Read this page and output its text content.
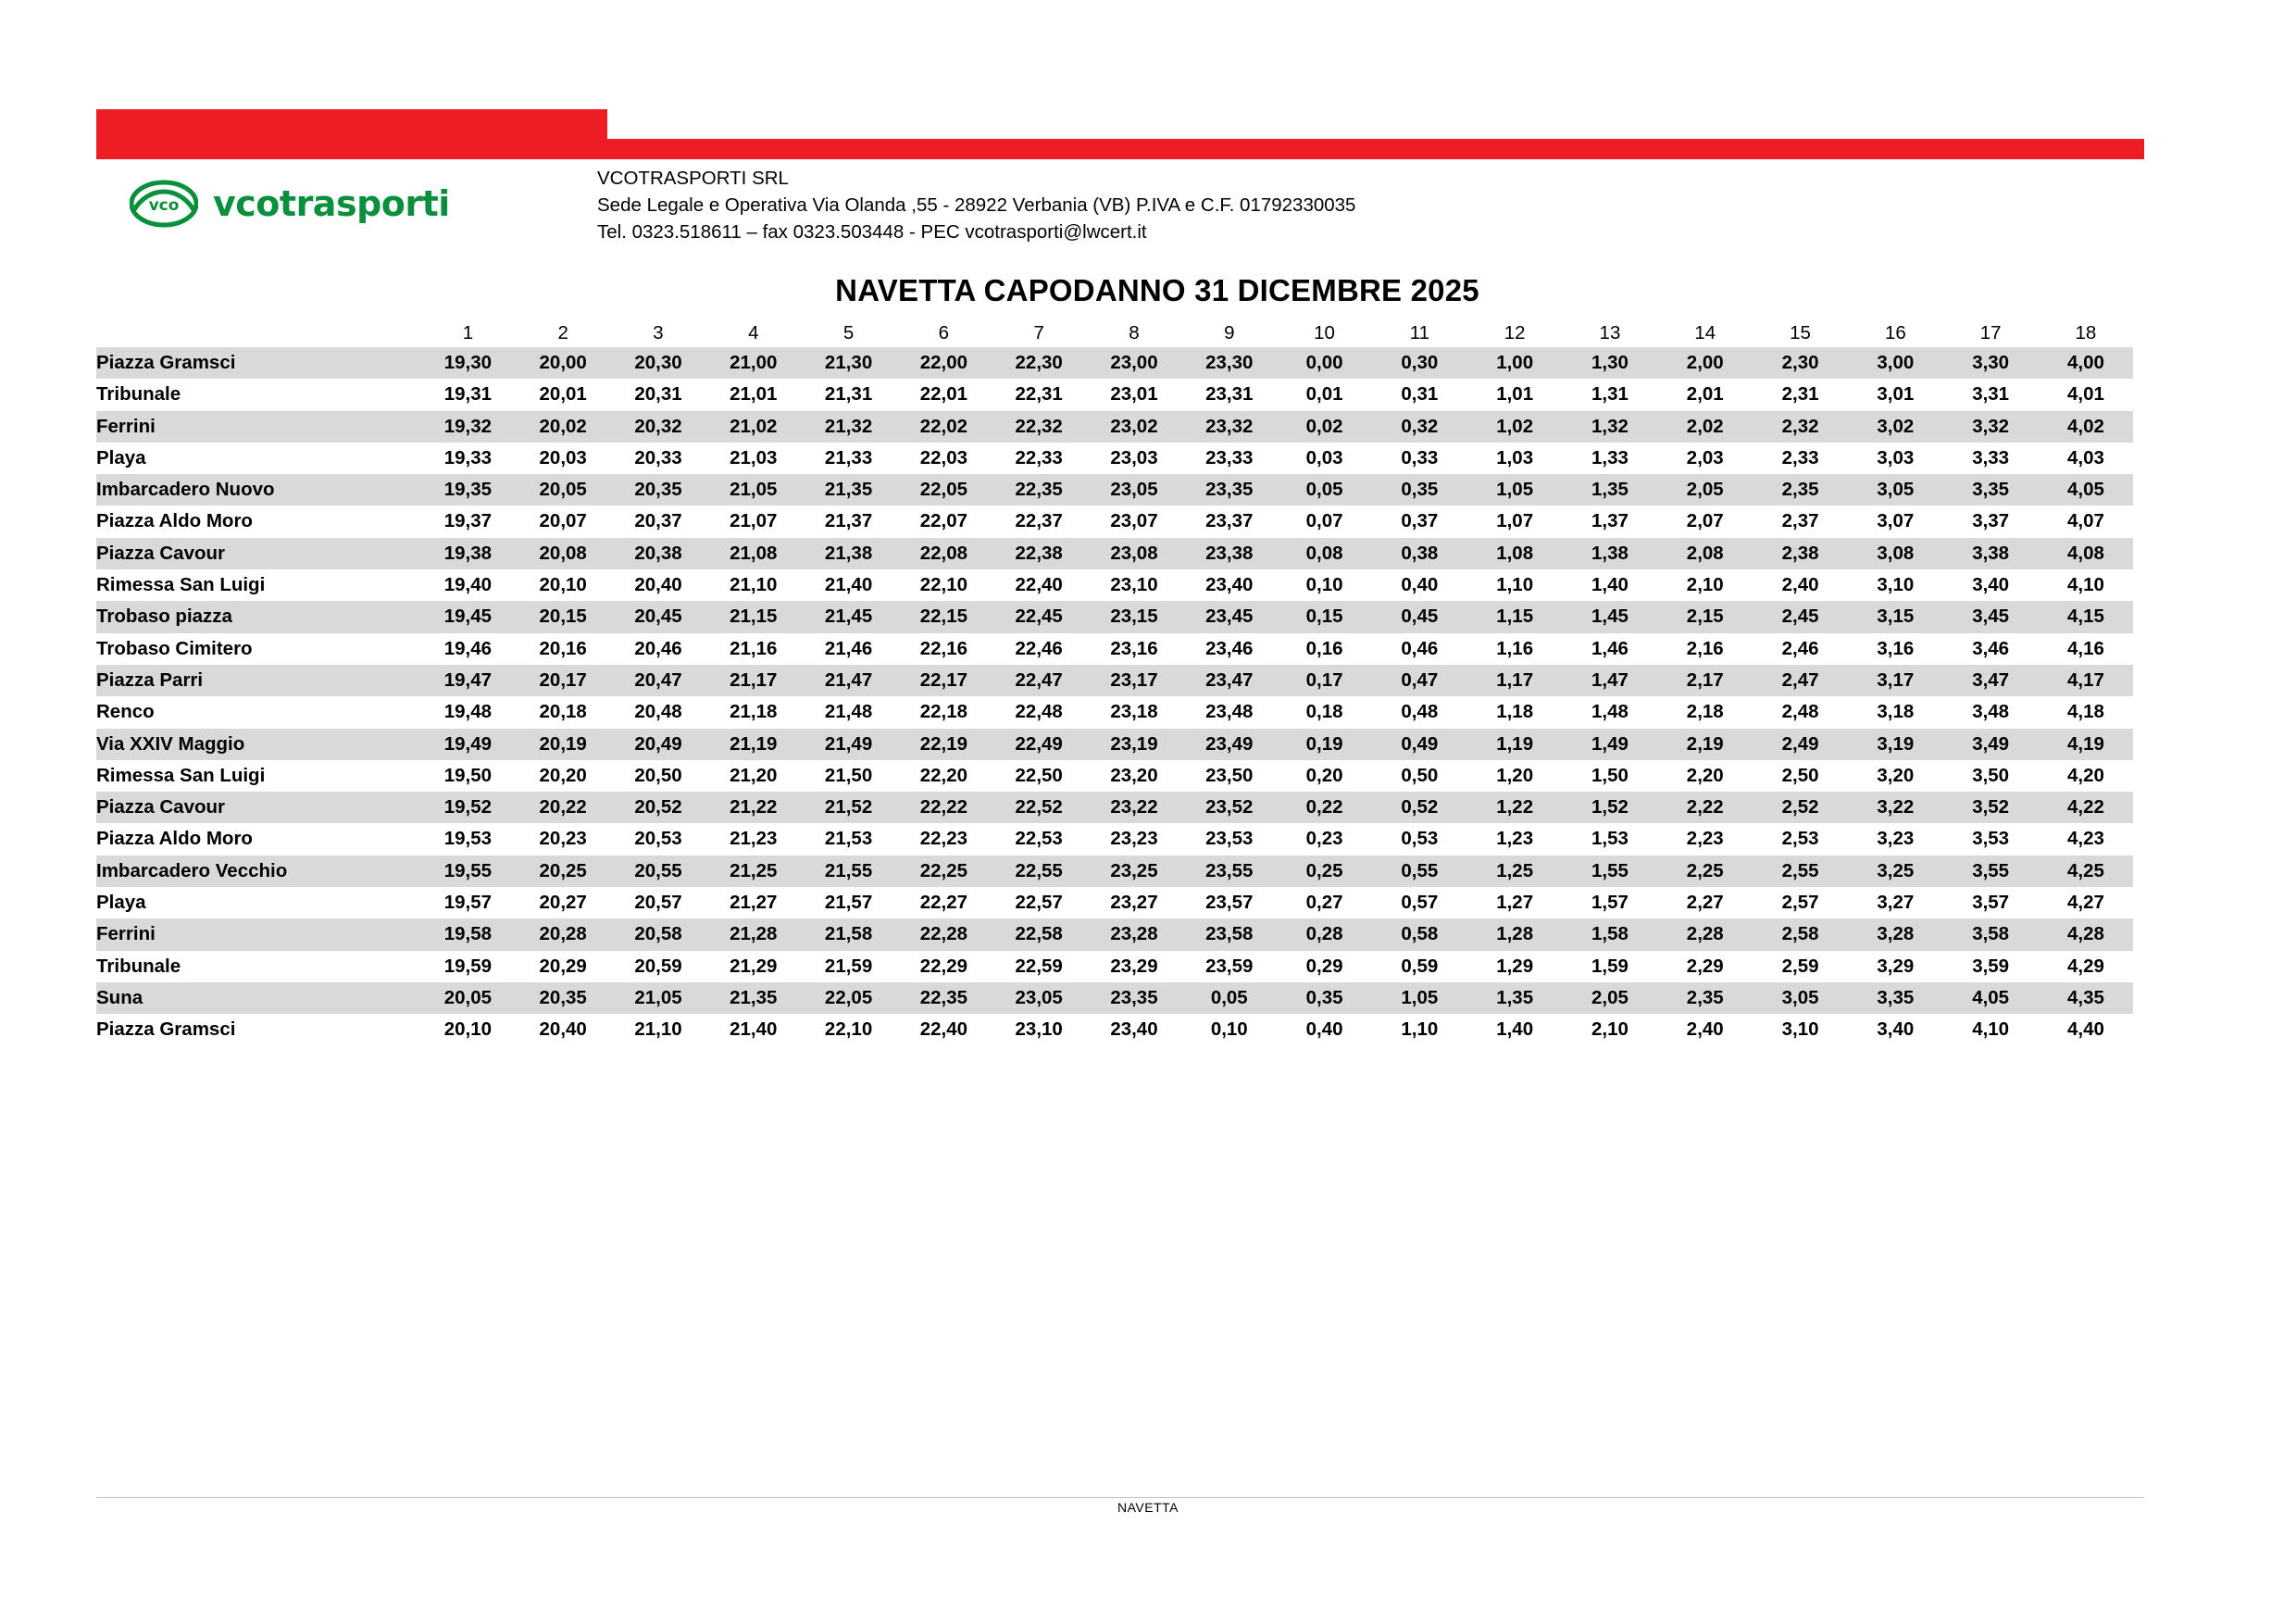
vco vcotrasporti
VCOTRASPORTI SRL
Sede Legale e Operativa Via Olanda ,55 - 28922 Verbania (VB) P.IVA e C.F. 01792330035
Tel. 0323.518611 – fax 0323.503448 - PEC vcotrasporti@lwcert.it
NAVETTA CAPODANNO 31 DICEMBRE 2025
	1	2	3	4	5	6	7	8	9	10	11	12	13	14	15	16	17	18
Piazza Gramsci	19,30	20,00	20,30	21,00	21,30	22,00	22,30	23,00	23,30	0,00	0,30	1,00	1,30	2,00	2,30	3,00	3,30	4,00
Tribunale	19,31	20,01	20,31	21,01	21,31	22,01	22,31	23,01	23,31	0,01	0,31	1,01	1,31	2,01	2,31	3,01	3,31	4,01
Ferrini	19,32	20,02	20,32	21,02	21,32	22,02	22,32	23,02	23,32	0,02	0,32	1,02	1,32	2,02	2,32	3,02	3,32	4,02
Playa	19,33	20,03	20,33	21,03	21,33	22,03	22,33	23,03	23,33	0,03	0,33	1,03	1,33	2,03	2,33	3,03	3,33	4,03
Imbarcadero Nuovo	19,35	20,05	20,35	21,05	21,35	22,05	22,35	23,05	23,35	0,05	0,35	1,05	1,35	2,05	2,35	3,05	3,35	4,05
Piazza Aldo Moro	19,37	20,07	20,37	21,07	21,37	22,07	22,37	23,07	23,37	0,07	0,37	1,07	1,37	2,07	2,37	3,07	3,37	4,07
Piazza Cavour	19,38	20,08	20,38	21,08	21,38	22,08	22,38	23,08	23,38	0,08	0,38	1,08	1,38	2,08	2,38	3,08	3,38	4,08
Rimessa San Luigi	19,40	20,10	20,40	21,10	21,40	22,10	22,40	23,10	23,40	0,10	0,40	1,10	1,40	2,10	2,40	3,10	3,40	4,10
Trobaso piazza	19,45	20,15	20,45	21,15	21,45	22,15	22,45	23,15	23,45	0,15	0,45	1,15	1,45	2,15	2,45	3,15	3,45	4,15
Trobaso Cimitero	19,46	20,16	20,46	21,16	21,46	22,16	22,46	23,16	23,46	0,16	0,46	1,16	1,46	2,16	2,46	3,16	3,46	4,16
Piazza Parri	19,47	20,17	20,47	21,17	21,47	22,17	22,47	23,17	23,47	0,17	0,47	1,17	1,47	2,17	2,47	3,17	3,47	4,17
Renco	19,48	20,18	20,48	21,18	21,48	22,18	22,48	23,18	23,48	0,18	0,48	1,18	1,48	2,18	2,48	3,18	3,48	4,18
Via XXIV Maggio	19,49	20,19	20,49	21,19	21,49	22,19	22,49	23,19	23,49	0,19	0,49	1,19	1,49	2,19	2,49	3,19	3,49	4,19
Rimessa San Luigi	19,50	20,20	20,50	21,20	21,50	22,20	22,50	23,20	23,50	0,20	0,50	1,20	1,50	2,20	2,50	3,20	3,50	4,20
Piazza Cavour	19,52	20,22	20,52	21,22	21,52	22,22	22,52	23,22	23,52	0,22	0,52	1,22	1,52	2,22	2,52	3,22	3,52	4,22
Piazza Aldo Moro	19,53	20,23	20,53	21,23	21,53	22,23	22,53	23,23	23,53	0,23	0,53	1,23	1,53	2,23	2,53	3,23	3,53	4,23
Imbarcadero Vecchio	19,55	20,25	20,55	21,25	21,55	22,25	22,55	23,25	23,55	0,25	0,55	1,25	1,55	2,25	2,55	3,25	3,55	4,25
Playa	19,57	20,27	20,57	21,27	21,57	22,27	22,57	23,27	23,57	0,27	0,57	1,27	1,57	2,27	2,57	3,27	3,57	4,27
Ferrini	19,58	20,28	20,58	21,28	21,58	22,28	22,58	23,28	23,58	0,28	0,58	1,28	1,58	2,28	2,58	3,28	3,58	4,28
Tribunale	19,59	20,29	20,59	21,29	21,59	22,29	22,59	23,29	23,59	0,29	0,59	1,29	1,59	2,29	2,59	3,29	3,59	4,29
Suna	20,05	20,35	21,05	21,35	22,05	22,35	23,05	23,35	0,05	0,35	1,05	1,35	2,05	2,35	3,05	3,35	4,05	4,35
Piazza Gramsci	20,10	20,40	21,10	21,40	22,10	22,40	23,10	23,40	0,10	0,40	1,10	1,40	2,10	2,40	3,10	3,40	4,10	4,40
NAVETTA
